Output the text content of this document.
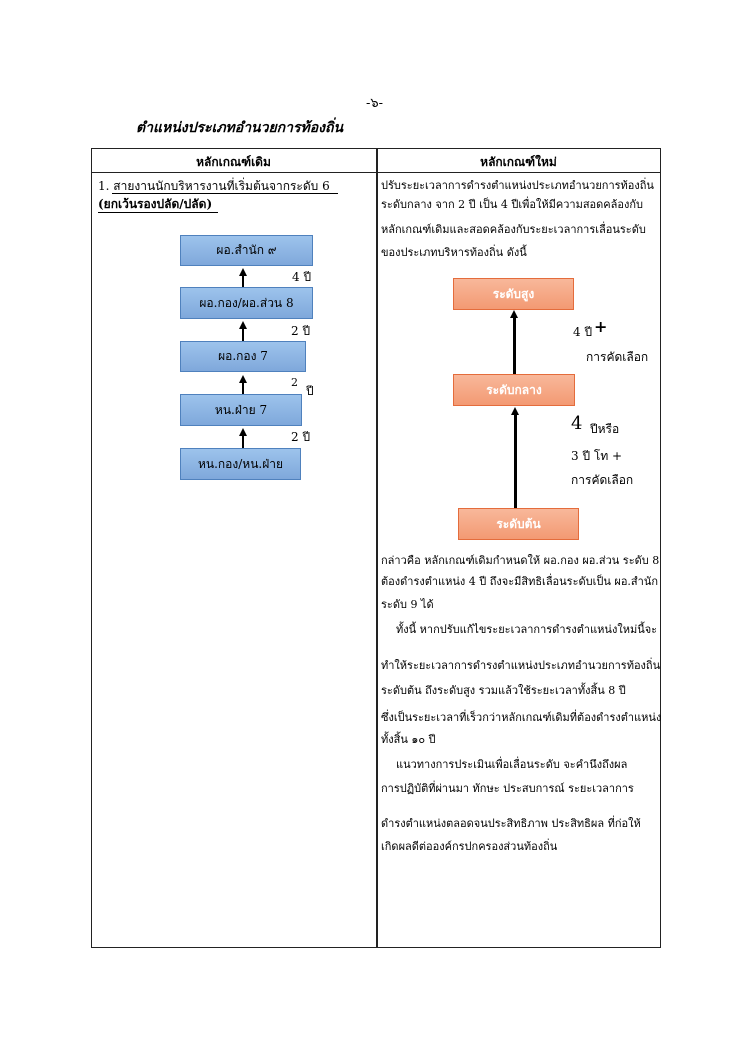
-๖-
ตำแหน่งประเภทอำนวยการท้องถิ่น
หลักเกณฑ์เดิม	หลักเกณฑ์ใหม่
1. สายงานนักบริหารงานที่เริ่มต้นจากระดับ 6
(ยกเว้นรองปลัด/ปลัด)
ผอ.สำนัก ๙
ผอ.กอง/ผอ.ส่วน 8
ผอ.กอง 7
หน.ฝ่าย 7
หน.กอง/หน.ฝ่าย
4 ปี
2 ปี
2
ปี
2 ปี
ปรับระยะเวลาการดำรงตำแหน่งประเภทอำนวยการท้องถิ่น
ระดับกลาง จาก 2 ปี เป็น 4 ปีเพื่อให้มีความสอดคล้องกับ
หลักเกณฑ์เดิมและสอดคล้องกับระยะเวลาการเลื่อนระดับ
ของประเภทบริหารท้องถิ่น ดังนี้
ระดับสูง
ระดับกลาง
ระดับต้น
4 ปี +
การคัดเลือก
4 ปีหรือ
3 ปี โท +
การคัดเลือก
กล่าวคือ หลักเกณฑ์เดิมกำหนดให้ ผอ.กอง ผอ.ส่วน ระดับ 8
ต้องดำรงตำแหน่ง 4 ปี ถึงจะมีสิทธิเลื่อนระดับเป็น ผอ.สำนัก
ระดับ 9 ได้
ทั้งนี้ หากปรับแก้ไขระยะเวลาการดำรงตำแหน่งใหม่นี้จะ
ทำให้ระยะเวลาการดำรงตำแหน่งประเภทอำนวยการท้องถิ่น
ระดับต้น ถึงระดับสูง รวมแล้วใช้ระยะเวลาทั้งสิ้น 8 ปี
ซึ่งเป็นระยะเวลาที่เร็วกว่าหลักเกณฑ์เดิมที่ต้องดำรงตำแหน่ง
ทั้งสิ้น ๑๐ ปี
แนวทางการประเมินเพื่อเลื่อนระดับ จะคำนึงถึงผล
การปฏิบัติที่ผ่านมา ทักษะ ประสบการณ์ ระยะเวลาการ
ดำรงตำแหน่งตลอดจนประสิทธิภาพ ประสิทธิผล ที่ก่อให้
เกิดผลดีต่อองค์กรปกครองส่วนท้องถิ่น
